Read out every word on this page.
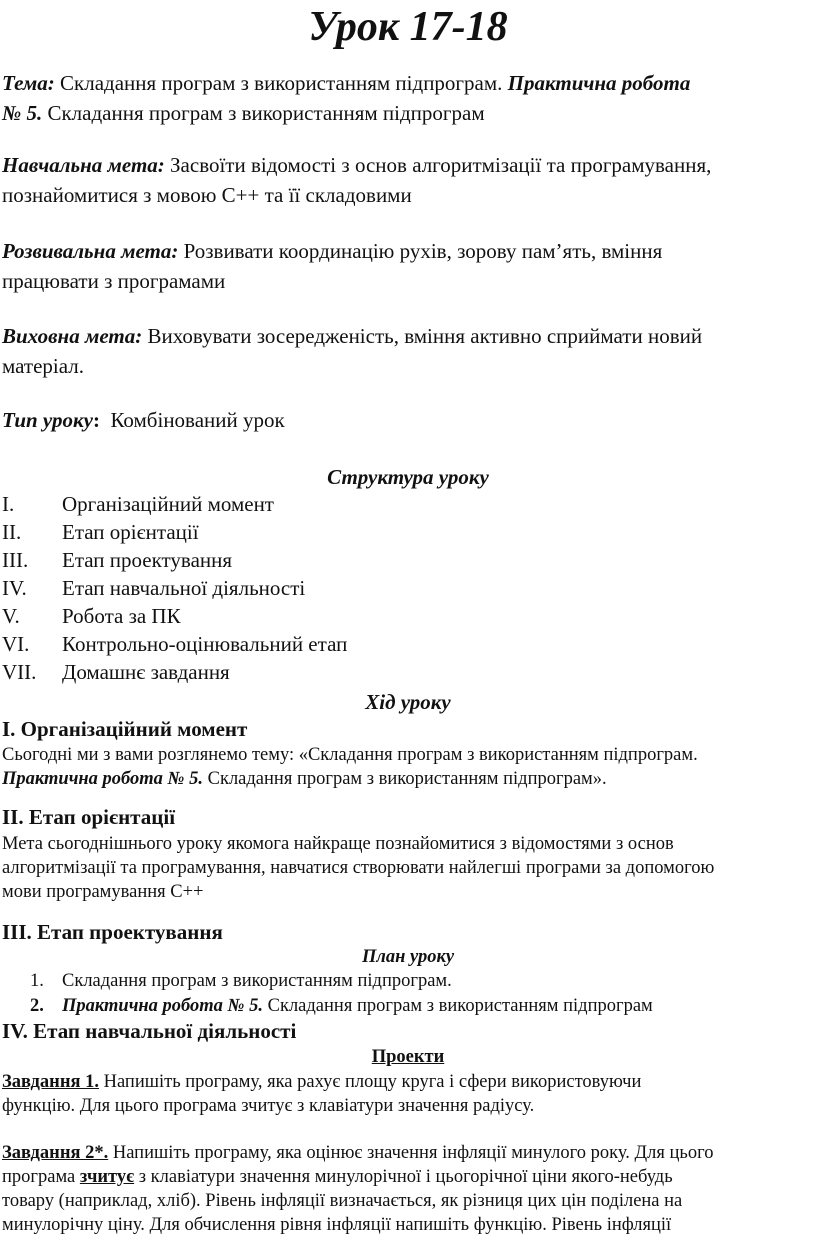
Урок 17-18
Тема: Складання програм з використанням підпрограм. Практична робота
№ 5. Складання програм з використанням підпрограм
Навчальна мета: Засвоїти відомості з основ алгоритмізації та програмування,
познайомитися з мовою С++ та її складовими
Розвивальна мета: Розвивати координацію рухів, зорову пам’ять, вміння
працювати з програмами
Виховна мета: Виховувати зосередженість, вміння активно сприймати новий
матеріал.
Тип уроку:  Комбінований урок
Структура уроку
I. Організаційний момент
II. Етап орієнтації
III. Етап проектування
IV. Етап навчальної діяльності
V. Робота за ПК
VI. Контрольно-оцінювальний етап
VII. Домашнє завдання
Хід уроку
I. Організаційний момент
Сьогодні ми з вами розглянемо тему: «Складання програм з використанням підпрограм.
Практична робота № 5. Складання програм з використанням підпрограм».
II. Етап орієнтації
Мета сьогоднішнього уроку якомога найкраще познайомитися з відомостями з основ
алгоритмізації та програмування, навчатися створювати найлегші програми за допомогою
мови програмування С++
III. Етап проектування
План уроку
1. Складання програм з використанням підпрограм.
2. Практична робота № 5. Складання програм з використанням підпрограм
IV. Етап навчальної діяльності
Проекти
Завдання 1. Напишіть програму, яка рахує площу круга і сфери використовуючи
функцію. Для цього програма зчитує з клавіатури значення радіусу.
Завдання 2*. Напишіть програму, яка оцінює значення інфляції минулого року. Для цього
програма зчитує з клавіатури значення минулорічної і цьогорічної ціни якого-небудь
товару (наприклад, хліб). Рівень інфляції визначається, як різниця цих цін поділена на
минулорічну ціну. Для обчислення рівня інфляції напишіть функцію. Рівень інфляції
